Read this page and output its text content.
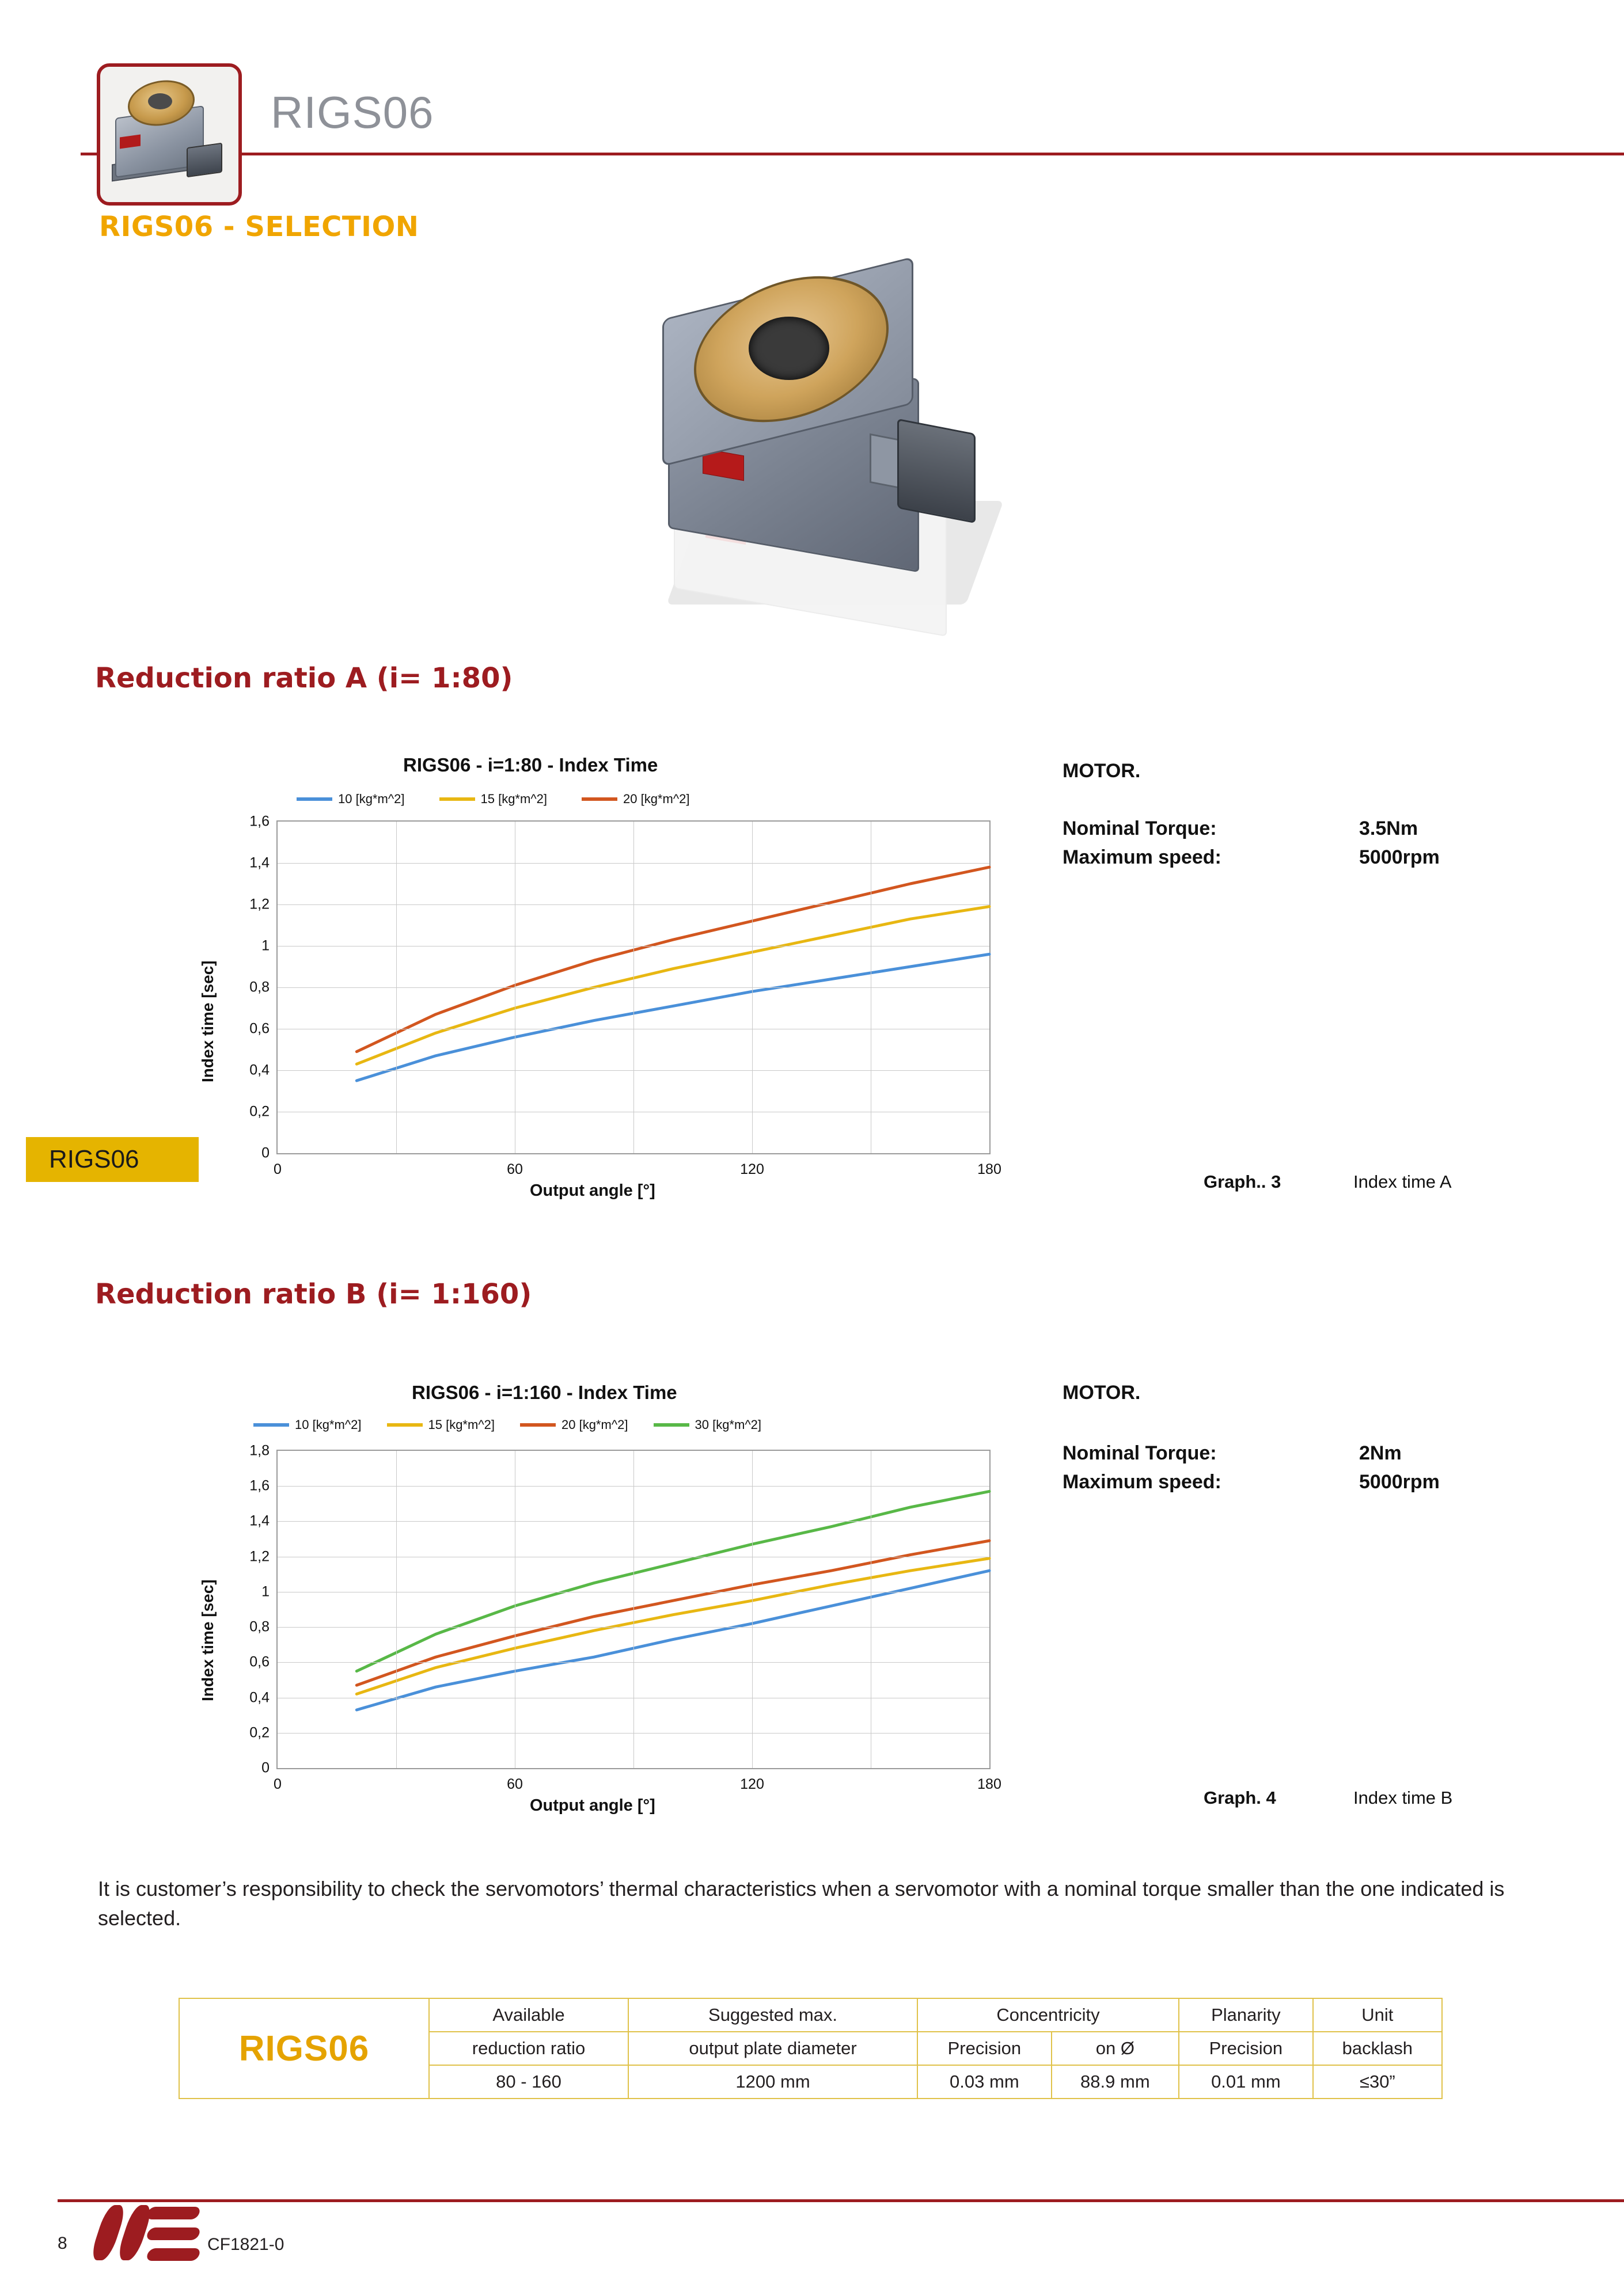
RIGS06
RIGS06 - SELECTION
Reduction ratio A (i= 1:80)
RIGS06 - i=1:80 - Index Time
10 [kg*m^2]	15 [kg*m^2]	20 [kg*m^2]
0
0,2
0,4
0,6
0,8
1
1,2
1,4
1,6
0	60	120	180
Index time [sec]
Output angle [°]
MOTOR.
Nominal Torque:	3.5Nm
Maximum speed:	5000rpm
Graph.. 3	Index time A
RIGS06
Reduction ratio B (i= 1:160)
RIGS06 - i=1:160 - Index Time
10 [kg*m^2]	15 [kg*m^2]	20 [kg*m^2]	30 [kg*m^2]
0
0,2
0,4
0,6
0,8
1
1,2
1,4
1,6
1,8
0	60	120	180
Index time [sec]
Output angle [°]
MOTOR.
Nominal Torque:	2Nm
Maximum speed:	5000rpm
Graph. 4	Index time B
It is customer’s responsibility to check the servomotors’ thermal characteristics when a servomotor with a nominal torque smaller than the one indicated is selected.
RIGS06	Available	Suggested max.	Concentricity		Planarity	Unit
	reduction ratio	output plate diameter	Precision	on Ø	Precision	backlash
	80 - 160	1200 mm	0.03 mm	88.9 mm	0.01 mm	≤30”
8	CF1821-0
